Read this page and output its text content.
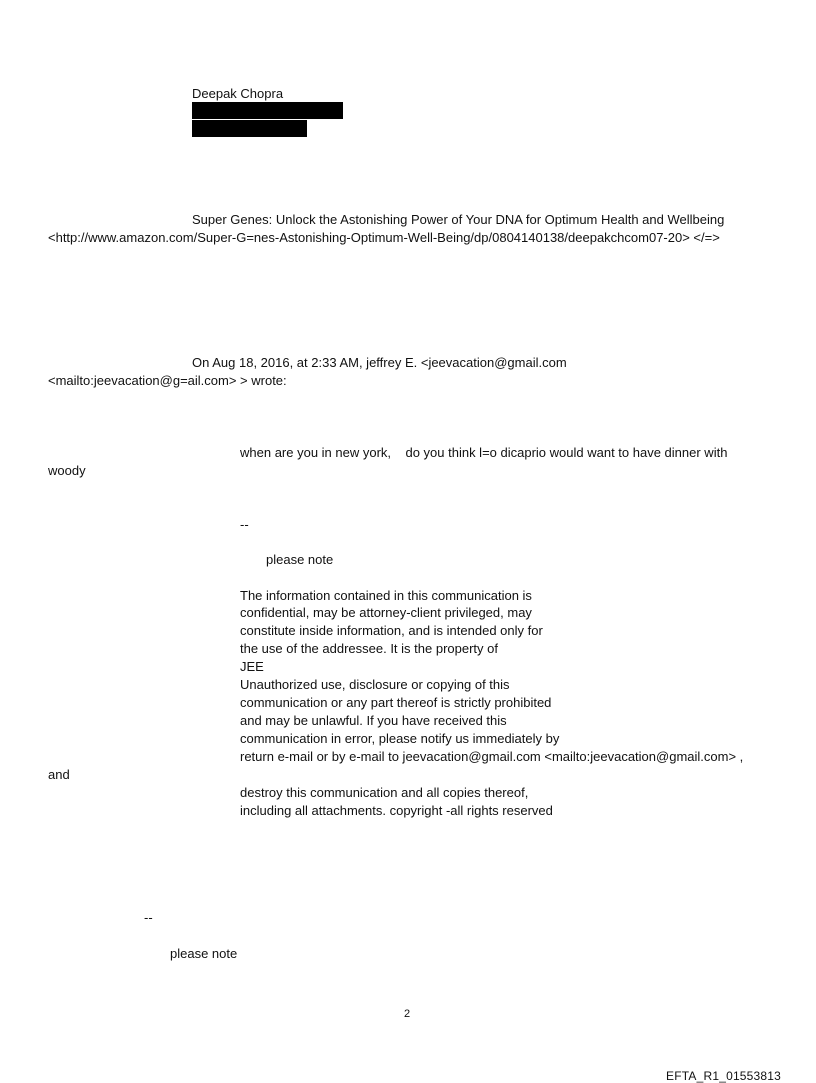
Deepak Chopra

Super Genes: Unlock the Astonishing Power of Your DNA for Optimum Health and Wellbeing

<http://www.amazon.com/Super-G=nes-Astonishing-Optimum-Well-Being/dp/0804140138/deepakchcom07-20> </=>

On Aug 18, 2016, at 2:33 AM, jeffrey E. <jeevacation@gmail.com

<mailto:jeevacation@g=ail.com> > wrote:

when are you in new york,    do you think l=o dicaprio would want to have dinner with

woody

--

please note

The information contained in this communication is

confidential, may be attorney-client privileged, may

constitute inside information, and is intended only for

the use of the addressee. It is the property of

JEE

Unauthorized use, disclosure or copying of this

communication or any part thereof is strictly prohibited

and may be unlawful. If you have received this

communication in error, please notify us immediately by

return e-mail or by e-mail to jeevacation@gmail.com <mailto:jeevacation@gmail.com> ,

and

destroy this communication and all copies thereof,

including all attachments. copyright -all rights reserved

--

please note

2

EFTA_R1_01553813
